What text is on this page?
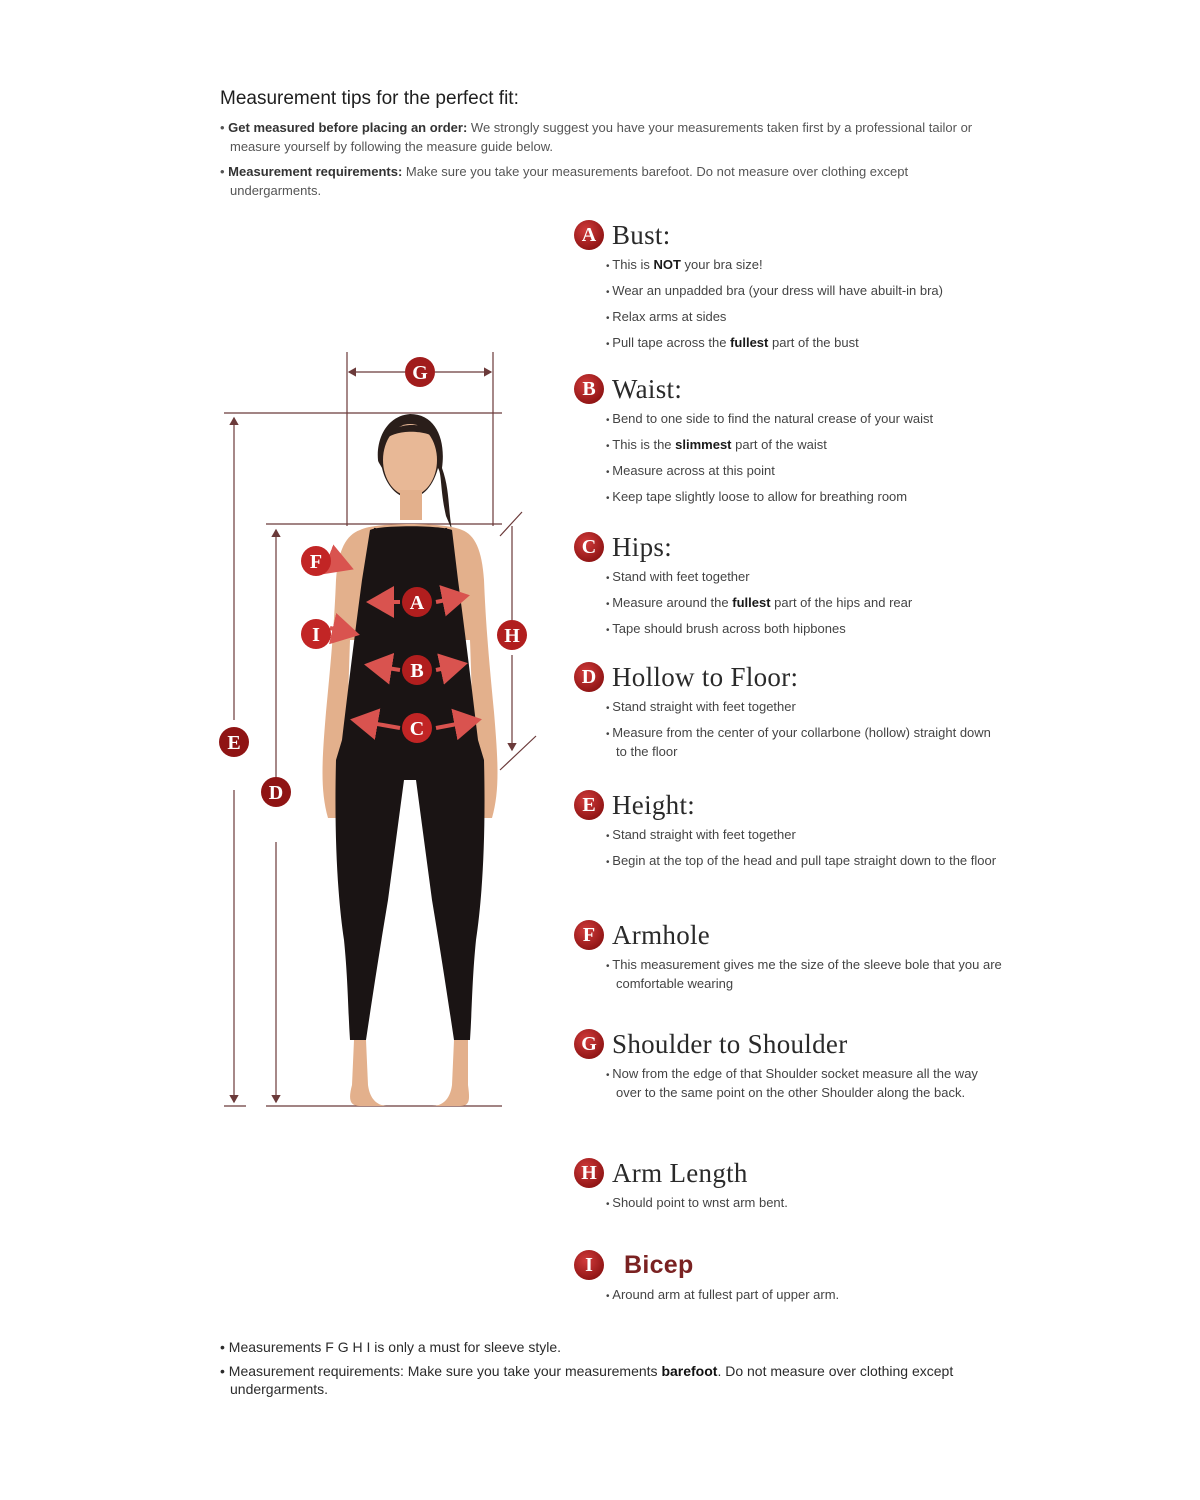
Measurement tips for the perfect fit:

• Get measured before placing an order: We strongly suggest you have your measurements taken first by a professional tailor or measure yourself by following the measure guide below.

• Measurement requirements: Make sure you take your measurements barefoot. Do not measure over clothing except undergarments.

G
F
A
I	H
B
C
E
D
A Bust:
• This is NOT your bra size!
• Wear an unpadded bra (your dress will have abuilt-in bra)
• Relax arms at sides
• Pull tape across the fullest part of the bust
B Waist:
• Bend to one side to find the natural crease of your waist
• This is the slimmest part of the waist
• Measure across at this point
• Keep tape slightly loose to allow for breathing room
C Hips:
• Stand with feet together
• Measure around the fullest part of the hips and rear
• Tape should brush across both hipbones
D Hollow to Floor:
• Stand straight with feet together
• Measure from the center of your collarbone (hollow) straight down to the floor
E Height:
• Stand straight with feet together
• Begin at the top of the head and pull tape straight down to the floor
F Armhole
• This measurement gives me the size of the sleeve bole that you are comfortable wearing
G Shoulder to Shoulder
• Now from the edge of that Shoulder socket measure all the way over to the same point on the other Shoulder along the back.
H Arm Length
• Should point to wnst arm bent.
I	Bicep
• Around arm at fullest part of upper arm.

• Measurements F G H I is only a must for sleeve style.

• Measurement requirements: Make sure you take your measurements barefoot. Do not measure over clothing except undergarments.
